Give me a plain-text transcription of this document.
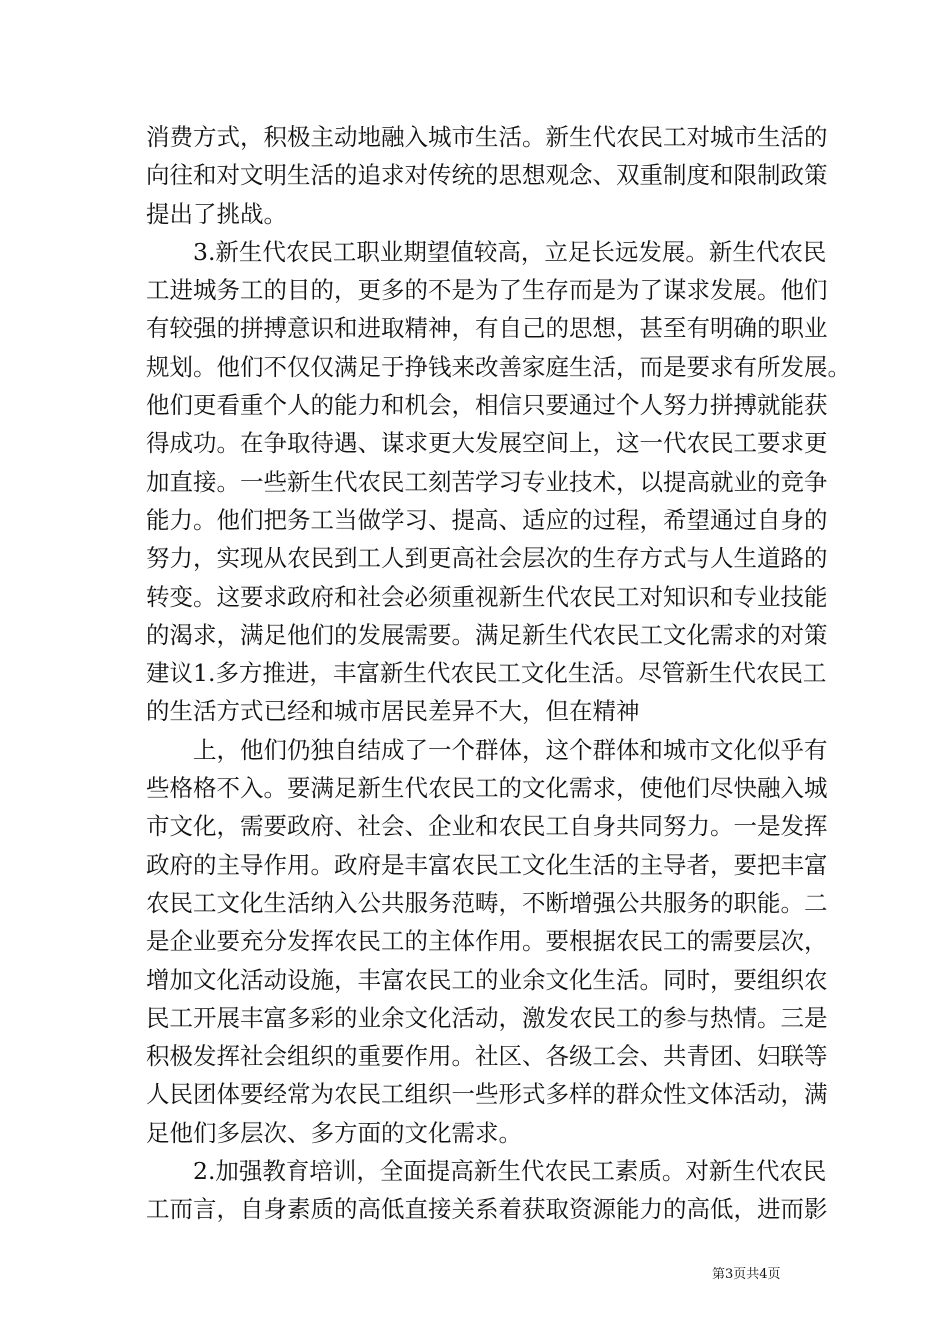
消费方式，积极主动地融入城市生活。新生代农民工对城市生活的
向往和对文明生活的追求对传统的思想观念、双重制度和限制政策
提出了挑战。
　　3.新生代农民工职业期望值较高，立足长远发展。新生代农民
工进城务工的目的，更多的不是为了生存而是为了谋求发展。他们
有较强的拼搏意识和进取精神，有自己的思想，甚至有明确的职业
规划。他们不仅仅满足于挣钱来改善家庭生活，而是要求有所发展。
他们更看重个人的能力和机会，相信只要通过个人努力拼搏就能获
得成功。在争取待遇、谋求更大发展空间上，这一代农民工要求更
加直接。一些新生代农民工刻苦学习专业技术，以提高就业的竞争
能力。他们把务工当做学习、提高、适应的过程，希望通过自身的
努力，实现从农民到工人到更高社会层次的生存方式与人生道路的
转变。这要求政府和社会必须重视新生代农民工对知识和专业技能
的渴求，满足他们的发展需要。满足新生代农民工文化需求的对策
建议1.多方推进，丰富新生代农民工文化生活。尽管新生代农民工
的生活方式已经和城市居民差异不大，但在精神
　　上，他们仍独自结成了一个群体，这个群体和城市文化似乎有
些格格不入。要满足新生代农民工的文化需求，使他们尽快融入城
市文化，需要政府、社会、企业和农民工自身共同努力。一是发挥
政府的主导作用。政府是丰富农民工文化生活的主导者，要把丰富
农民工文化生活纳入公共服务范畴，不断增强公共服务的职能。二
是企业要充分发挥农民工的主体作用。要根据农民工的需要层次，
增加文化活动设施，丰富农民工的业余文化生活。同时，要组织农
民工开展丰富多彩的业余文化活动，激发农民工的参与热情。三是
积极发挥社会组织的重要作用。社区、各级工会、共青团、妇联等
人民团体要经常为农民工组织一些形式多样的群众性文体活动，满
足他们多层次、多方面的文化需求。
　　2.加强教育培训，全面提高新生代农民工素质。对新生代农民
工而言，自身素质的高低直接关系着获取资源能力的高低，进而影
第3页共4页
